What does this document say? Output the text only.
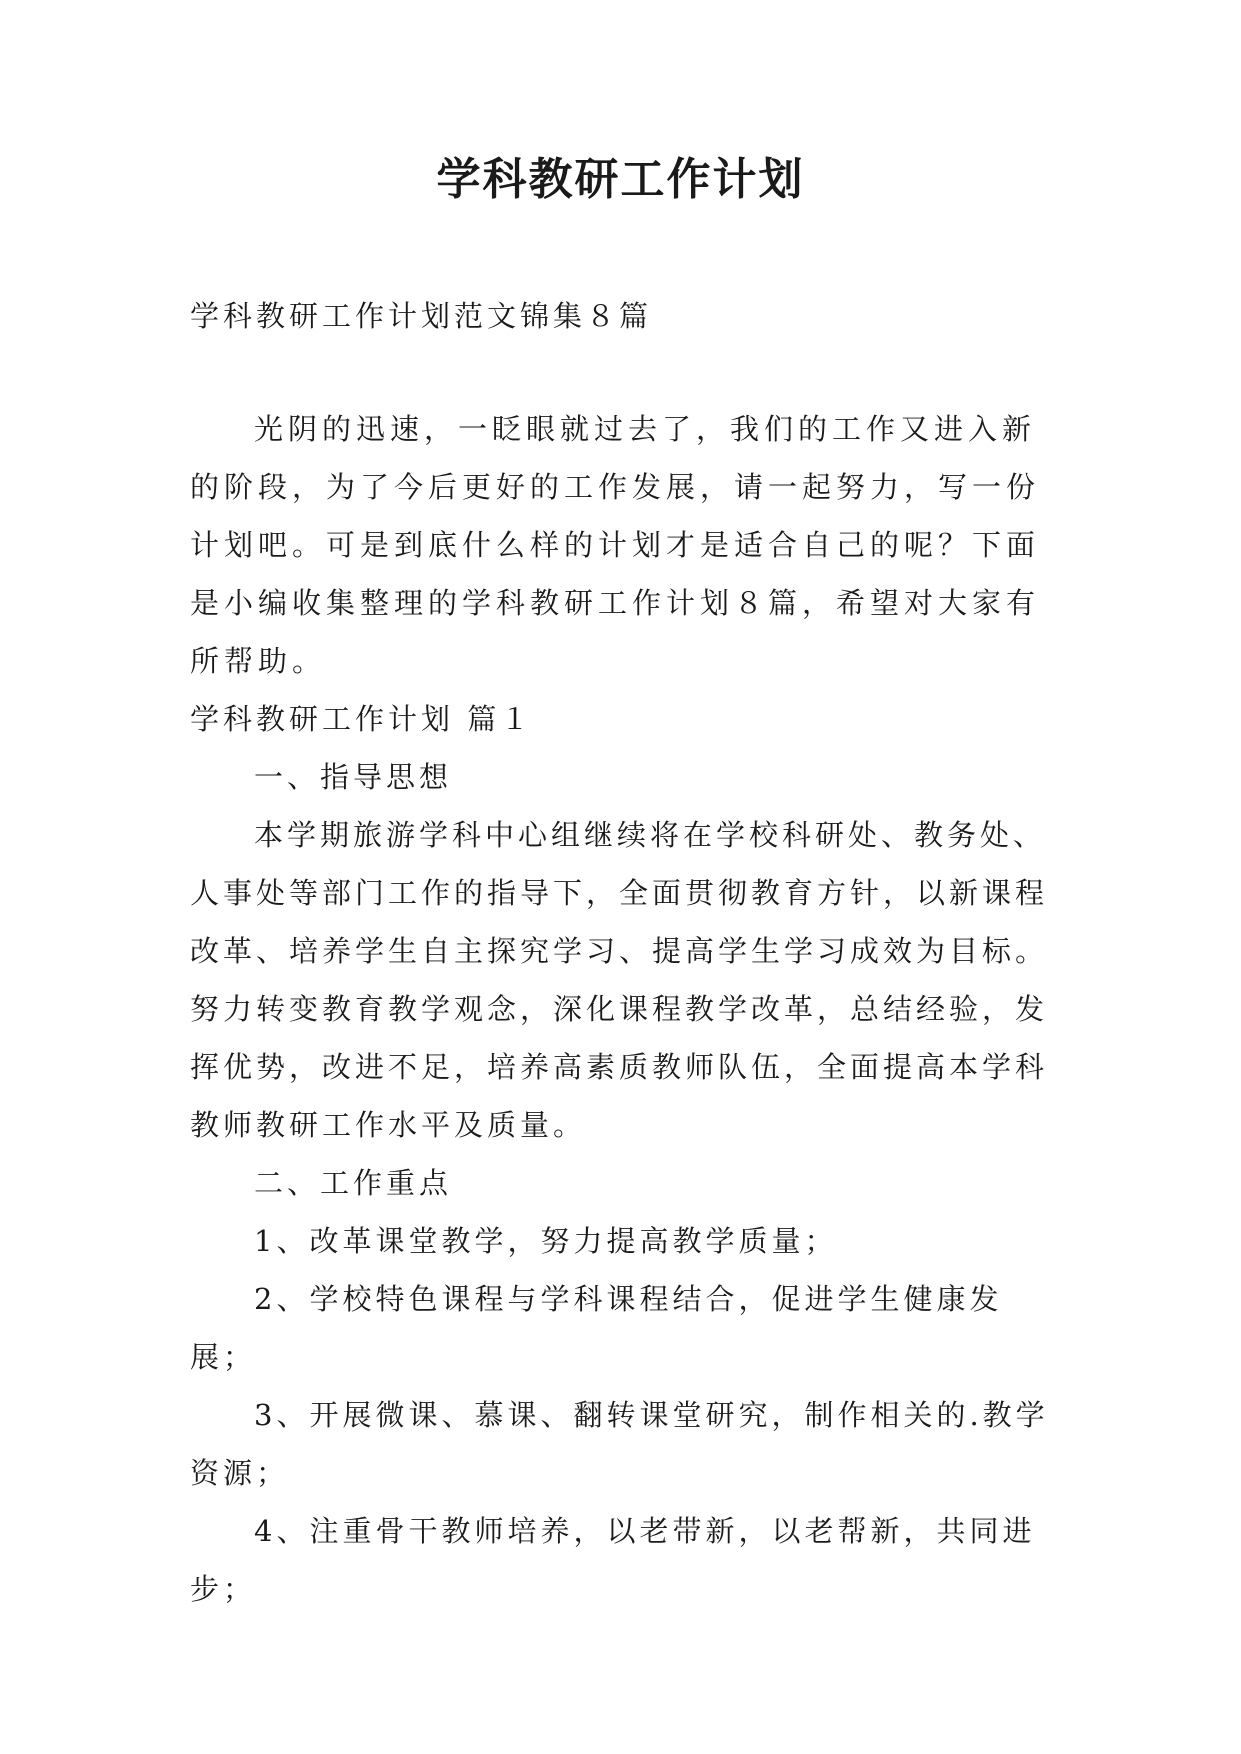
学科教研工作计划
学科教研工作计划范文锦集８篇
光阴的迅速，一眨眼就过去了，我们的工作又进入新的阶段，为了今后更好的工作发展，请一起努力，写一份计划吧。可是到底什么样的计划才是适合自己的呢？下面是小编收集整理的学科教研工作计划８篇，希望对大家有所帮助。

学科教研工作计划 篇１

一、指导思想

本学期旅游学科中心组继续将在学校科研处、教务处、人事处等部门工作的指导下，全面贯彻教育方针，以新课程改革、培养学生自主探究学习、提高学生学习成效为目标。努力转变教育教学观念，深化课程教学改革，总结经验，发挥优势，改进不足，培养高素质教师队伍，全面提高本学科教师教研工作水平及质量。

二、工作重点

1、改革课堂教学，努力提高教学质量；

2、学校特色课程与学科课程结合，促进学生健康发展；

3、开展微课、慕课、翻转课堂研究，制作相关的.教学资源；

4、注重骨干教师培养，以老带新，以老帮新，共同进步；
